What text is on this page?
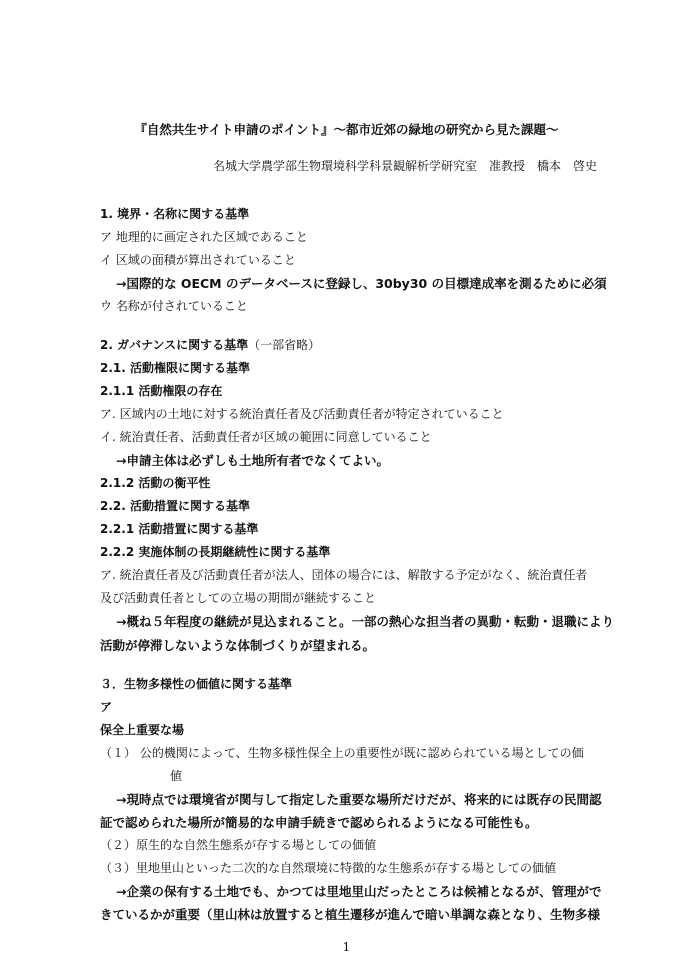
『自然共生サイト申請のポイント』～都市近郊の緑地の研究から見た課題～
名城大学農学部生物環境科学科景観解析学研究室　准教授　橋本　啓史
1. 境界・名称に関する基準
ア 地理的に画定された区域であること
イ 区域の面積が算出されていること
→国際的な OECM のデータベースに登録し、30by30 の目標達成率を測るために必須
ウ 名称が付されていること
2. ガバナンスに関する基準（一部省略）
2.1. 活動権限に関する基準
2.1.1 活動権限の存在
ア. 区域内の土地に対する統治責任者及び活動責任者が特定されていること
イ. 統治責任者、活動責任者が区域の範囲に同意していること
→申請主体は必ずしも土地所有者でなくてよい。
2.1.2 活動の衡平性
2.2. 活動措置に関する基準
2.2.1 活動措置に関する基準
2.2.2 実施体制の長期継続性に関する基準
ア. 統治責任者及び活動責任者が法人、団体の場合には、解散する予定がなく、統治責任者
及び活動責任者としての立場の期間が継続すること
→概ね５年程度の継続が見込まれること。一部の熱心な担当者の異動・転動・退職により
活動が停滞しないような体制づくりが望まれる。
３．生物多様性の価値に関する基準
ア
保全上重要な場
（１） 公的機関によって、生物多様性保全上の重要性が既に認められている場としての価
値
→現時点では環境省が関与して指定した重要な場所だけだが、将来的には既存の民間認
証で認められた場所が簡易的な申請手続きで認められるようになる可能性も。
（２）原生的な自然生態系が存する場としての価値
（３）里地里山といった二次的な自然環境に特徴的な生態系が存する場としての価値
→企業の保有する土地でも、かつては里地里山だったところは候補となるが、管理がで
きているかが重要（里山林は放置すると植生遷移が進んで暗い単調な森となり、生物多様
1
